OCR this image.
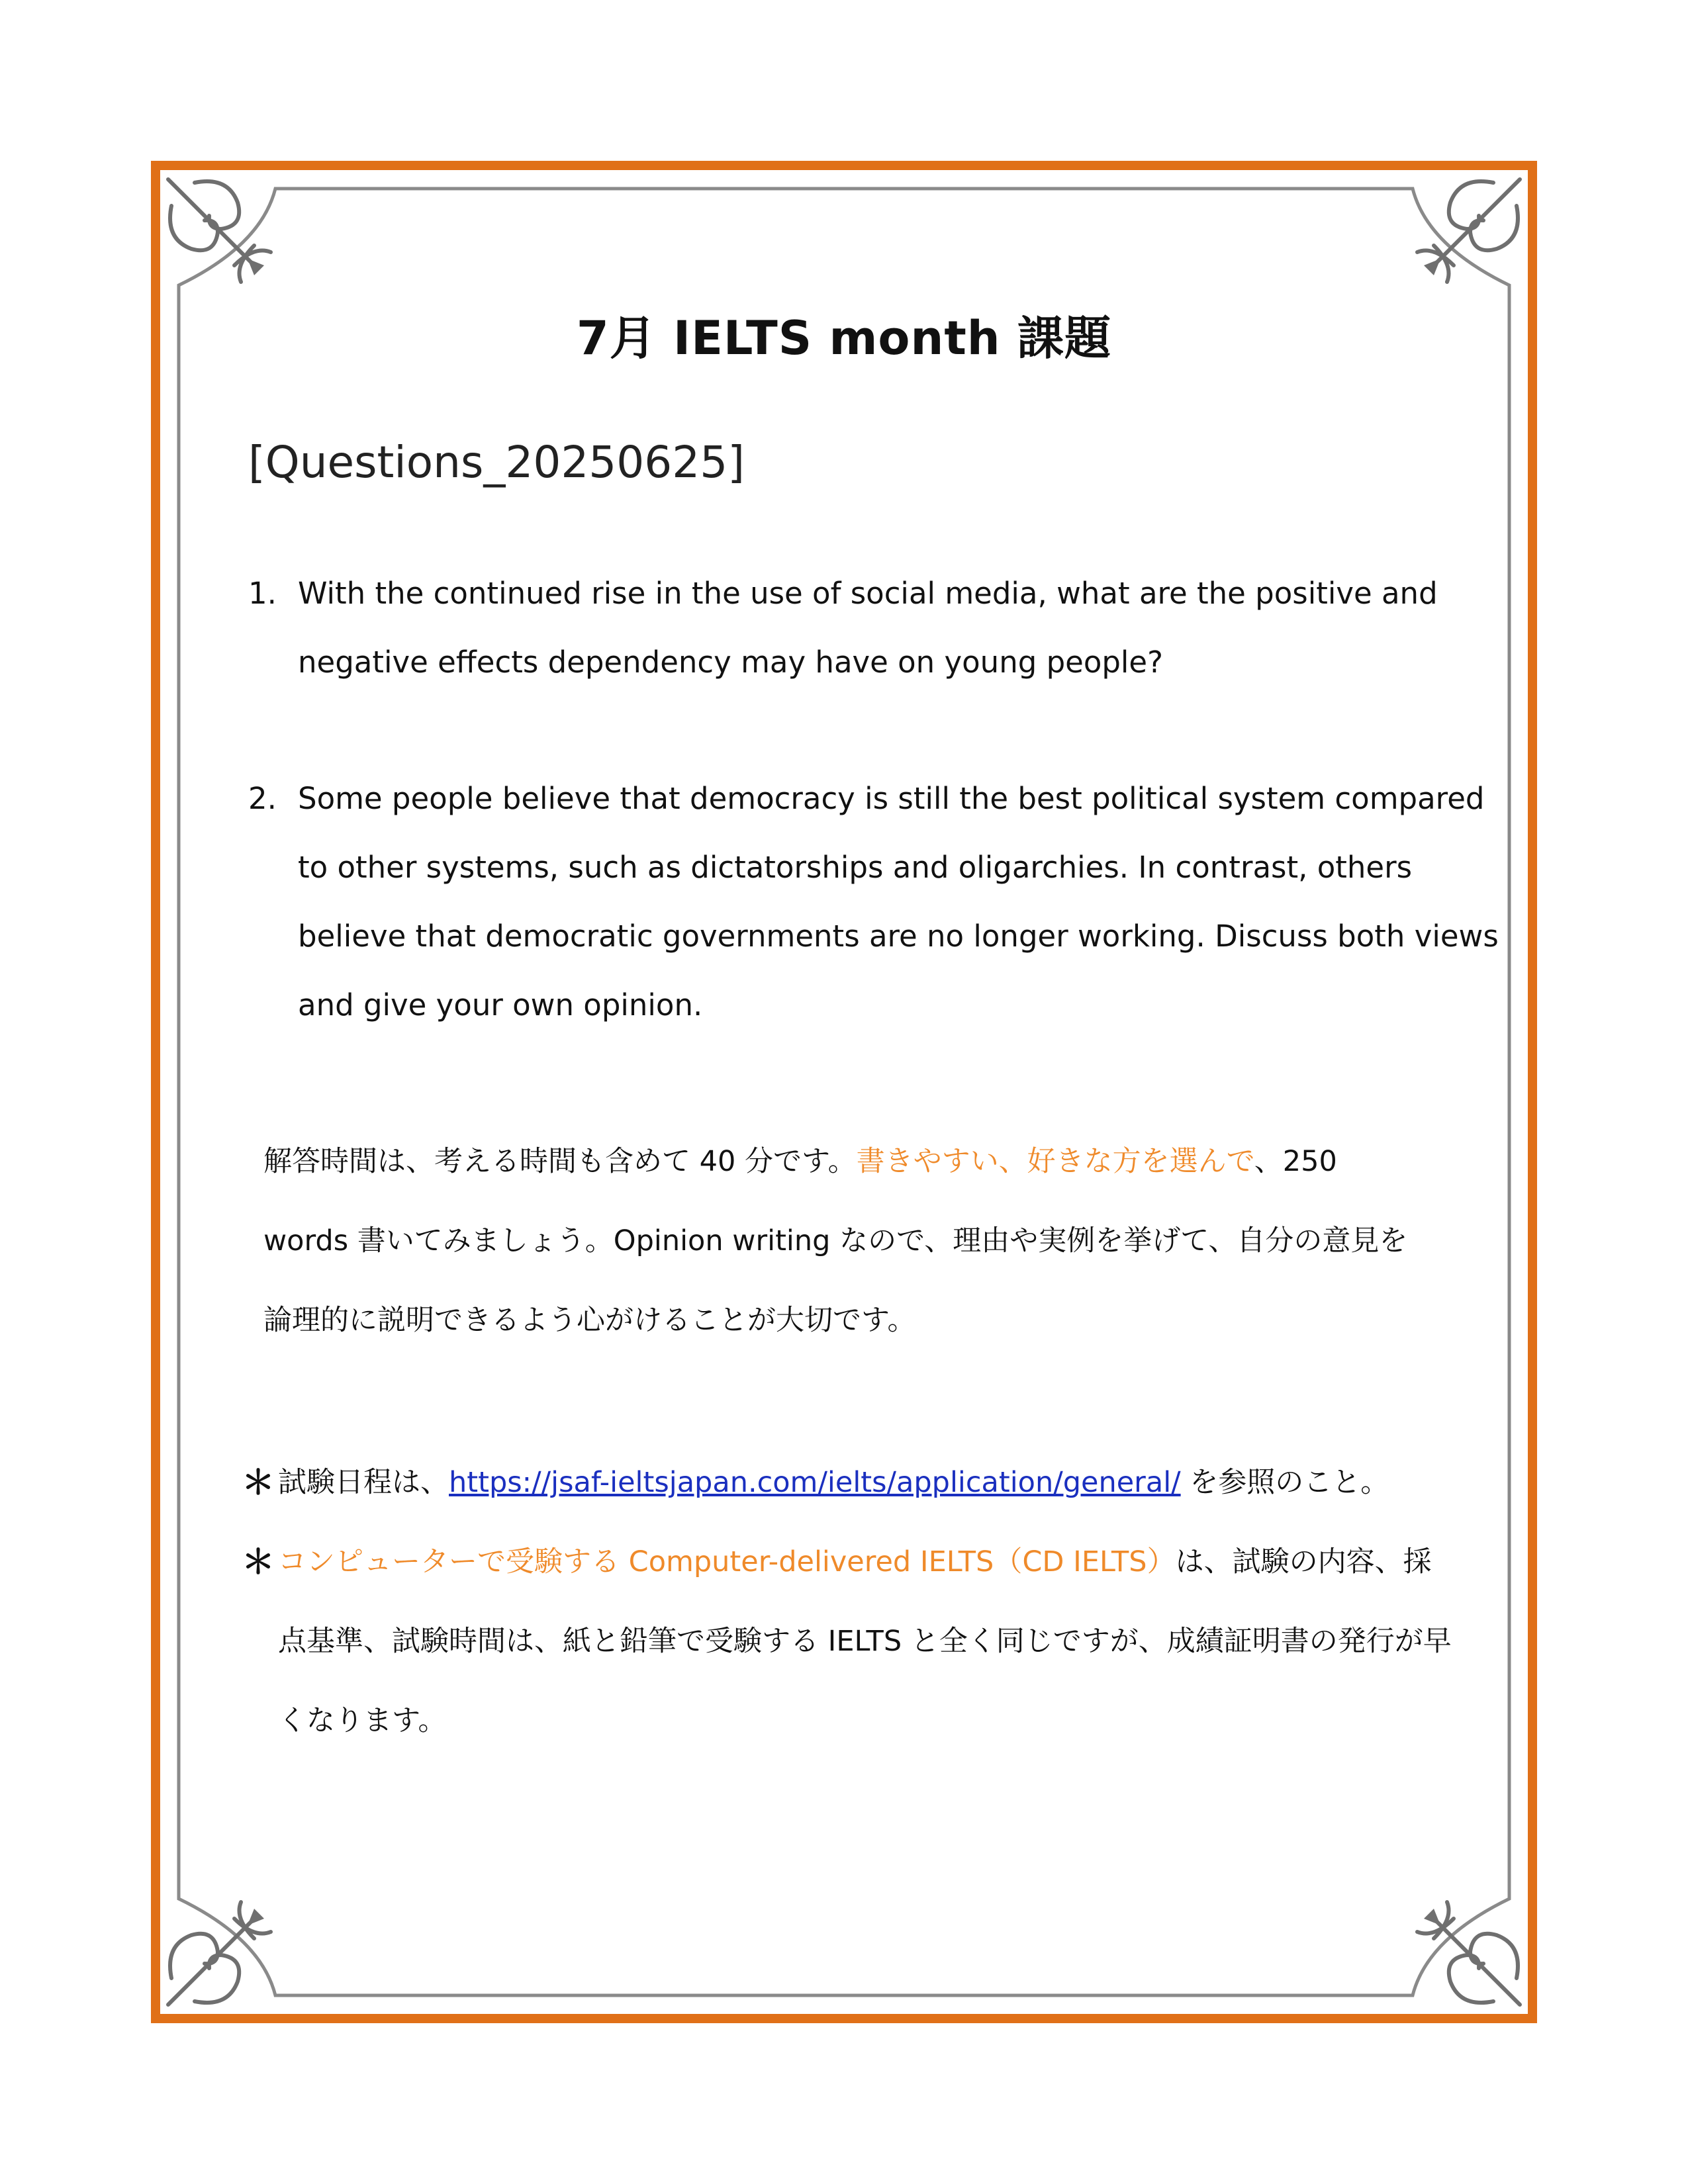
7月 IELTS month 課題
[Questions_20250625]
1. With the continued rise in the use of social media, what are the positive and negative effects dependency may have on young people?
2. Some people believe that democracy is still the best political system compared to other systems, such as dictatorships and oligarchies. In contrast, others believe that democratic governments are no longer working. Discuss both views and give your own opinion.
解答時間は、考える時間も含めて 40 分です。書きやすい、好きな方を選んで、250 words 書いてみましょう。Opinion writing なので、理由や実例を挙げて、自分の意見を論理的に説明できるよう心がけることが大切です。
＊ 試験日程は、https://jsaf-ieltsjapan.com/ielts/application/general/ を参照のこと。
＊ コンピューターで受験する Computer-delivered IELTS（CD IELTS）は、試験の内容、採点基準、試験時間は、紙と鉛筆で受験する IELTS と全く同じですが、成績証明書の発行が早くなります。
